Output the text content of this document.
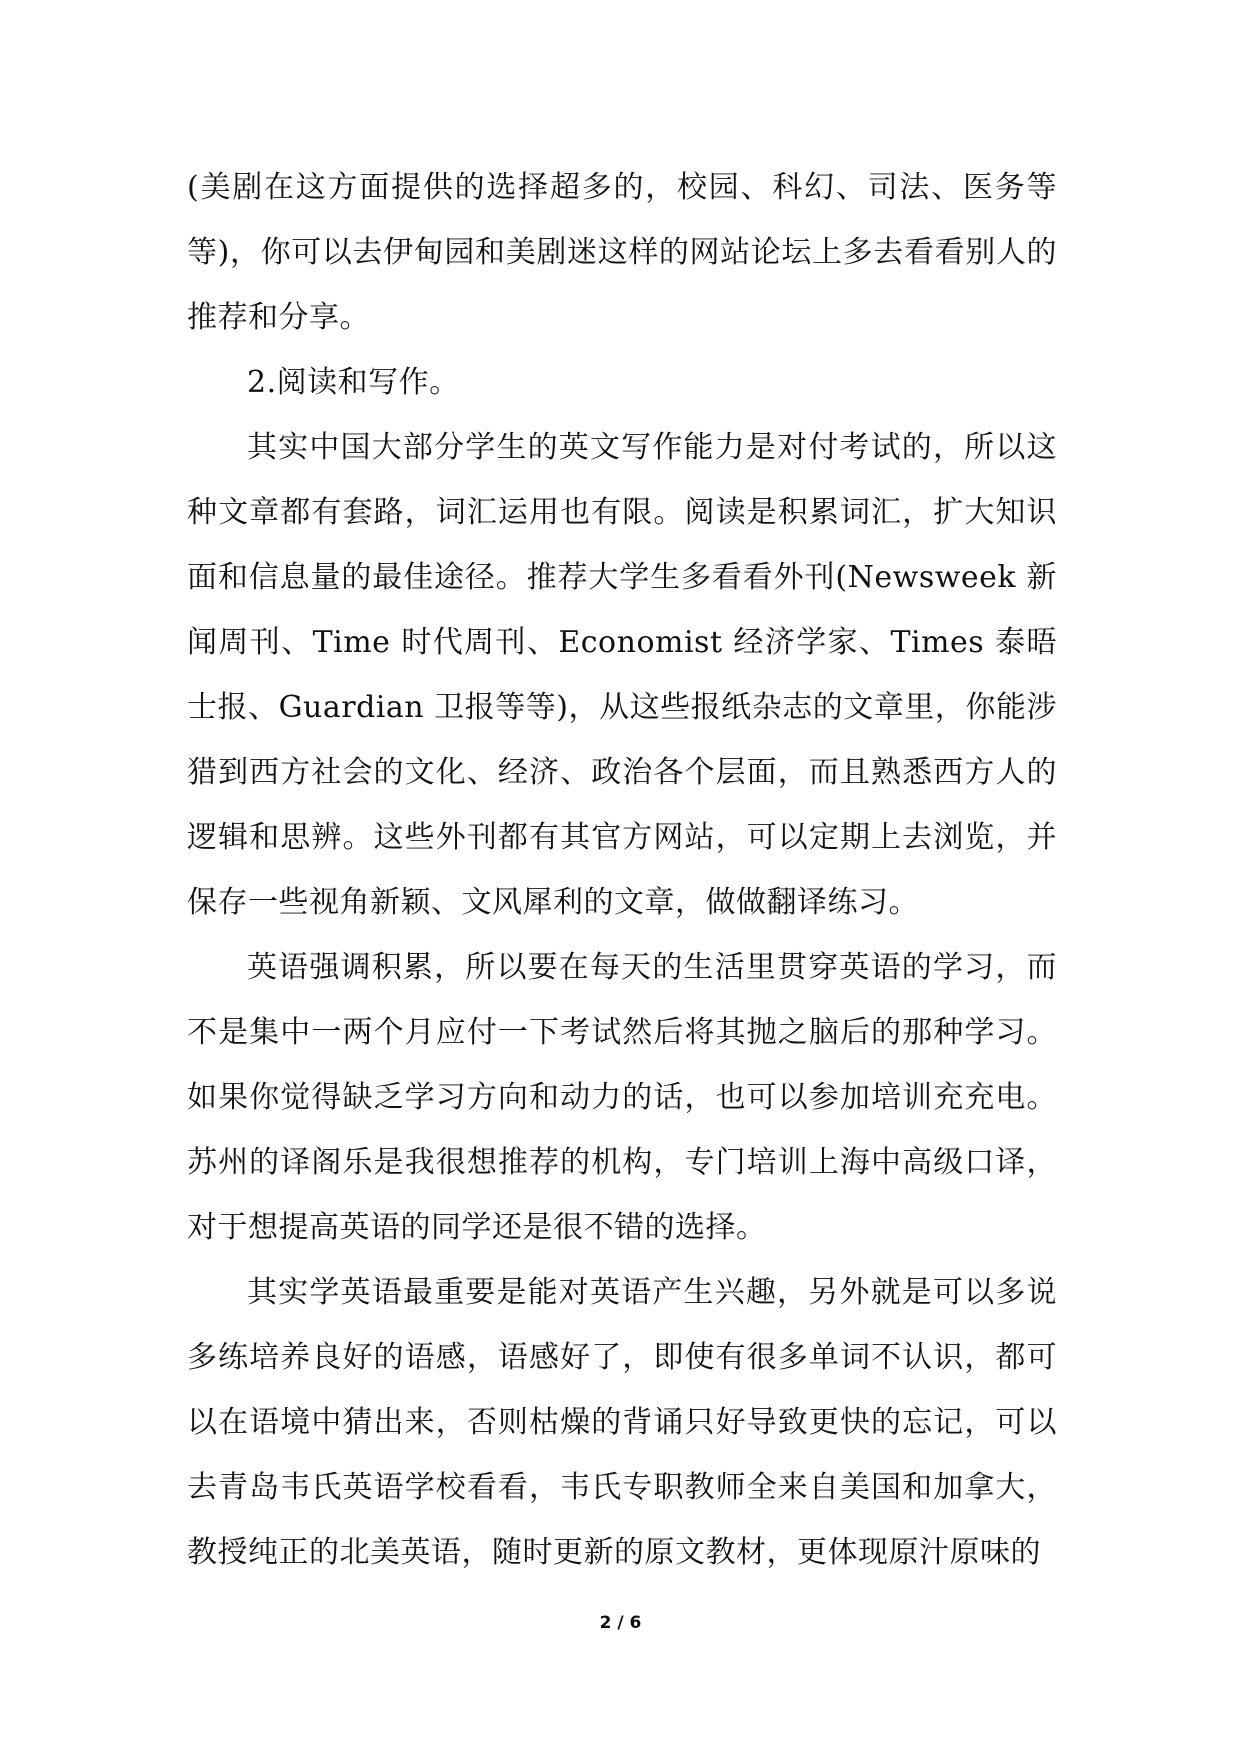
(美剧在这方面提供的选择超多的，校园、科幻、司法、医务等等)，你可以去伊甸园和美剧迷这样的网站论坛上多去看看别人的推荐和分享。

2.阅读和写作。

其实中国大部分学生的英文写作能力是对付考试的，所以这种文章都有套路，词汇运用也有限。阅读是积累词汇，扩大知识面和信息量的最佳途径。推荐大学生多看看外刊(Newsweek 新闻周刊、Time 时代周刊、Economist 经济学家、Times 泰晤士报、Guardian 卫报等等)，从这些报纸杂志的文章里，你能涉猎到西方社会的文化、经济、政治各个层面，而且熟悉西方人的逻辑和思辨。这些外刊都有其官方网站，可以定期上去浏览，并保存一些视角新颖、文风犀利的文章，做做翻译练习。

英语强调积累，所以要在每天的生活里贯穿英语的学习，而不是集中一两个月应付一下考试然后将其抛之脑后的那种学习。如果你觉得缺乏学习方向和动力的话，也可以参加培训充充电。苏州的译阁乐是我很想推荐的机构，专门培训上海中高级口译，对于想提高英语的同学还是很不错的选择。

其实学英语最重要是能对英语产生兴趣，另外就是可以多说多练培养良好的语感，语感好了，即使有很多单词不认识，都可以在语境中猜出来，否则枯燥的背诵只好导致更快的忘记，可以去青岛韦氏英语学校看看，韦氏专职教师全来自美国和加拿大，教授纯正的北美英语，随时更新的原文教材，更体现原汁原味的

2 / 6
